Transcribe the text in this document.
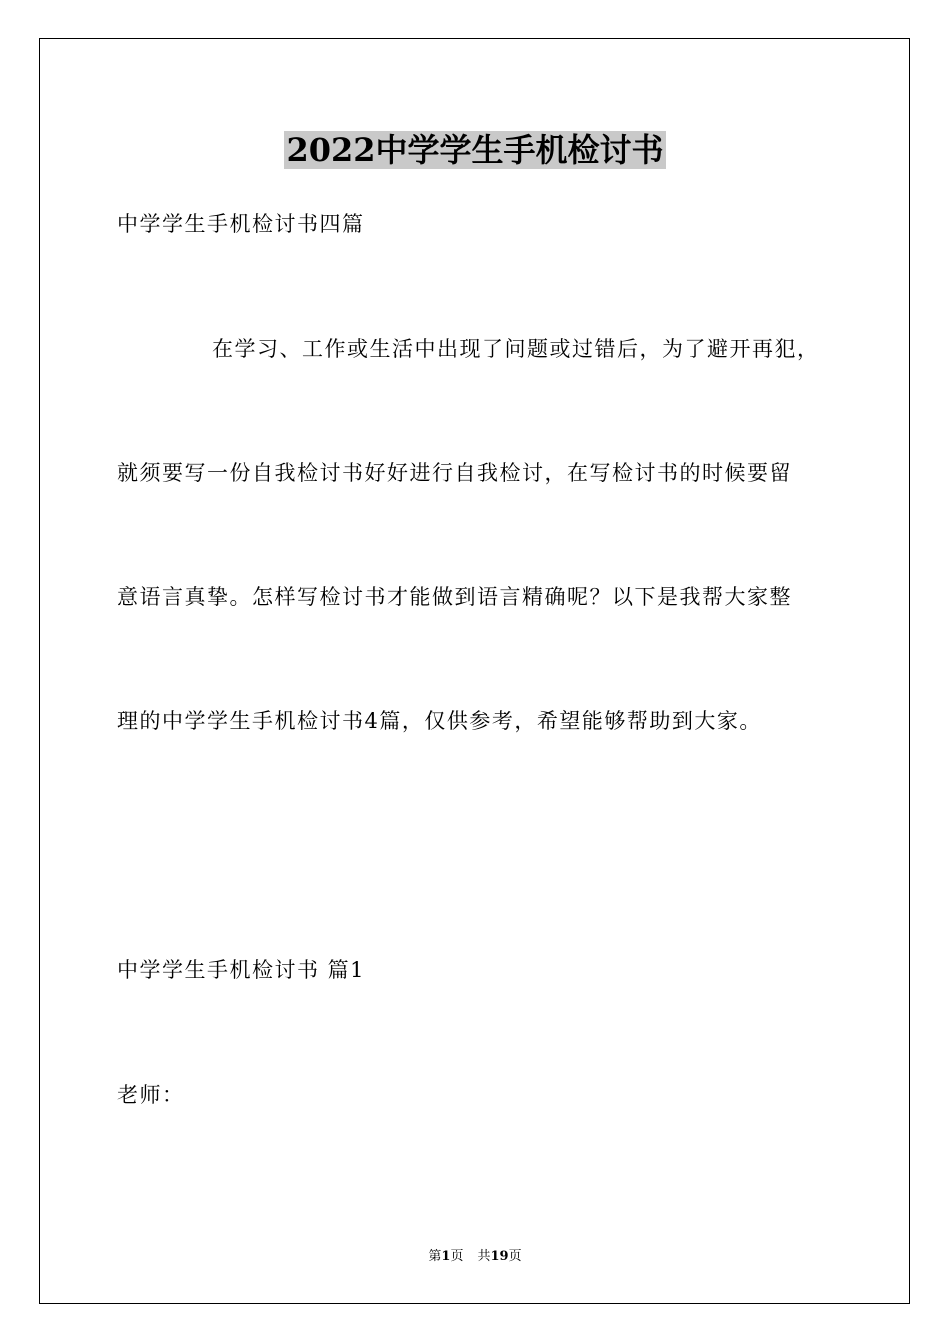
2022中学学生手机检讨书
中学学生手机检讨书四篇
在学习、工作或生活中出现了问题或过错后，为了避开再犯，
就须要写一份自我检讨书好好进行自我检讨，在写检讨书的时候要留
意语言真挚。怎样写检讨书才能做到语言精确呢？以下是我帮大家整
理的中学学生手机检讨书4篇，仅供参考，希望能够帮助到大家。
中学学生手机检讨书 篇1
老师：
第1页 共19页
